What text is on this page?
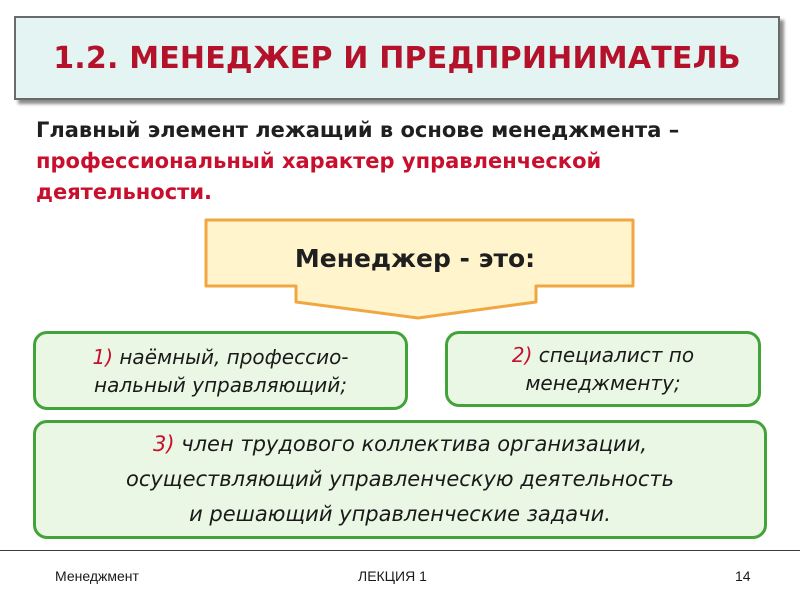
1.2. МЕНЕДЖЕР И ПРЕДПРИНИМАТЕЛЬ
Главный элемент лежащий в основе менеджмента –
профессиональный характер управленческой
деятельности.
Менеджер - это:
1) наёмный, профессио-
нальный управляющий;
2) специалист по
менеджменту;
3) член трудового коллектива организации,
осуществляющий управленческую деятельность
и решающий управленческие задачи.
Менеджмент	ЛЕКЦИЯ 1	14
